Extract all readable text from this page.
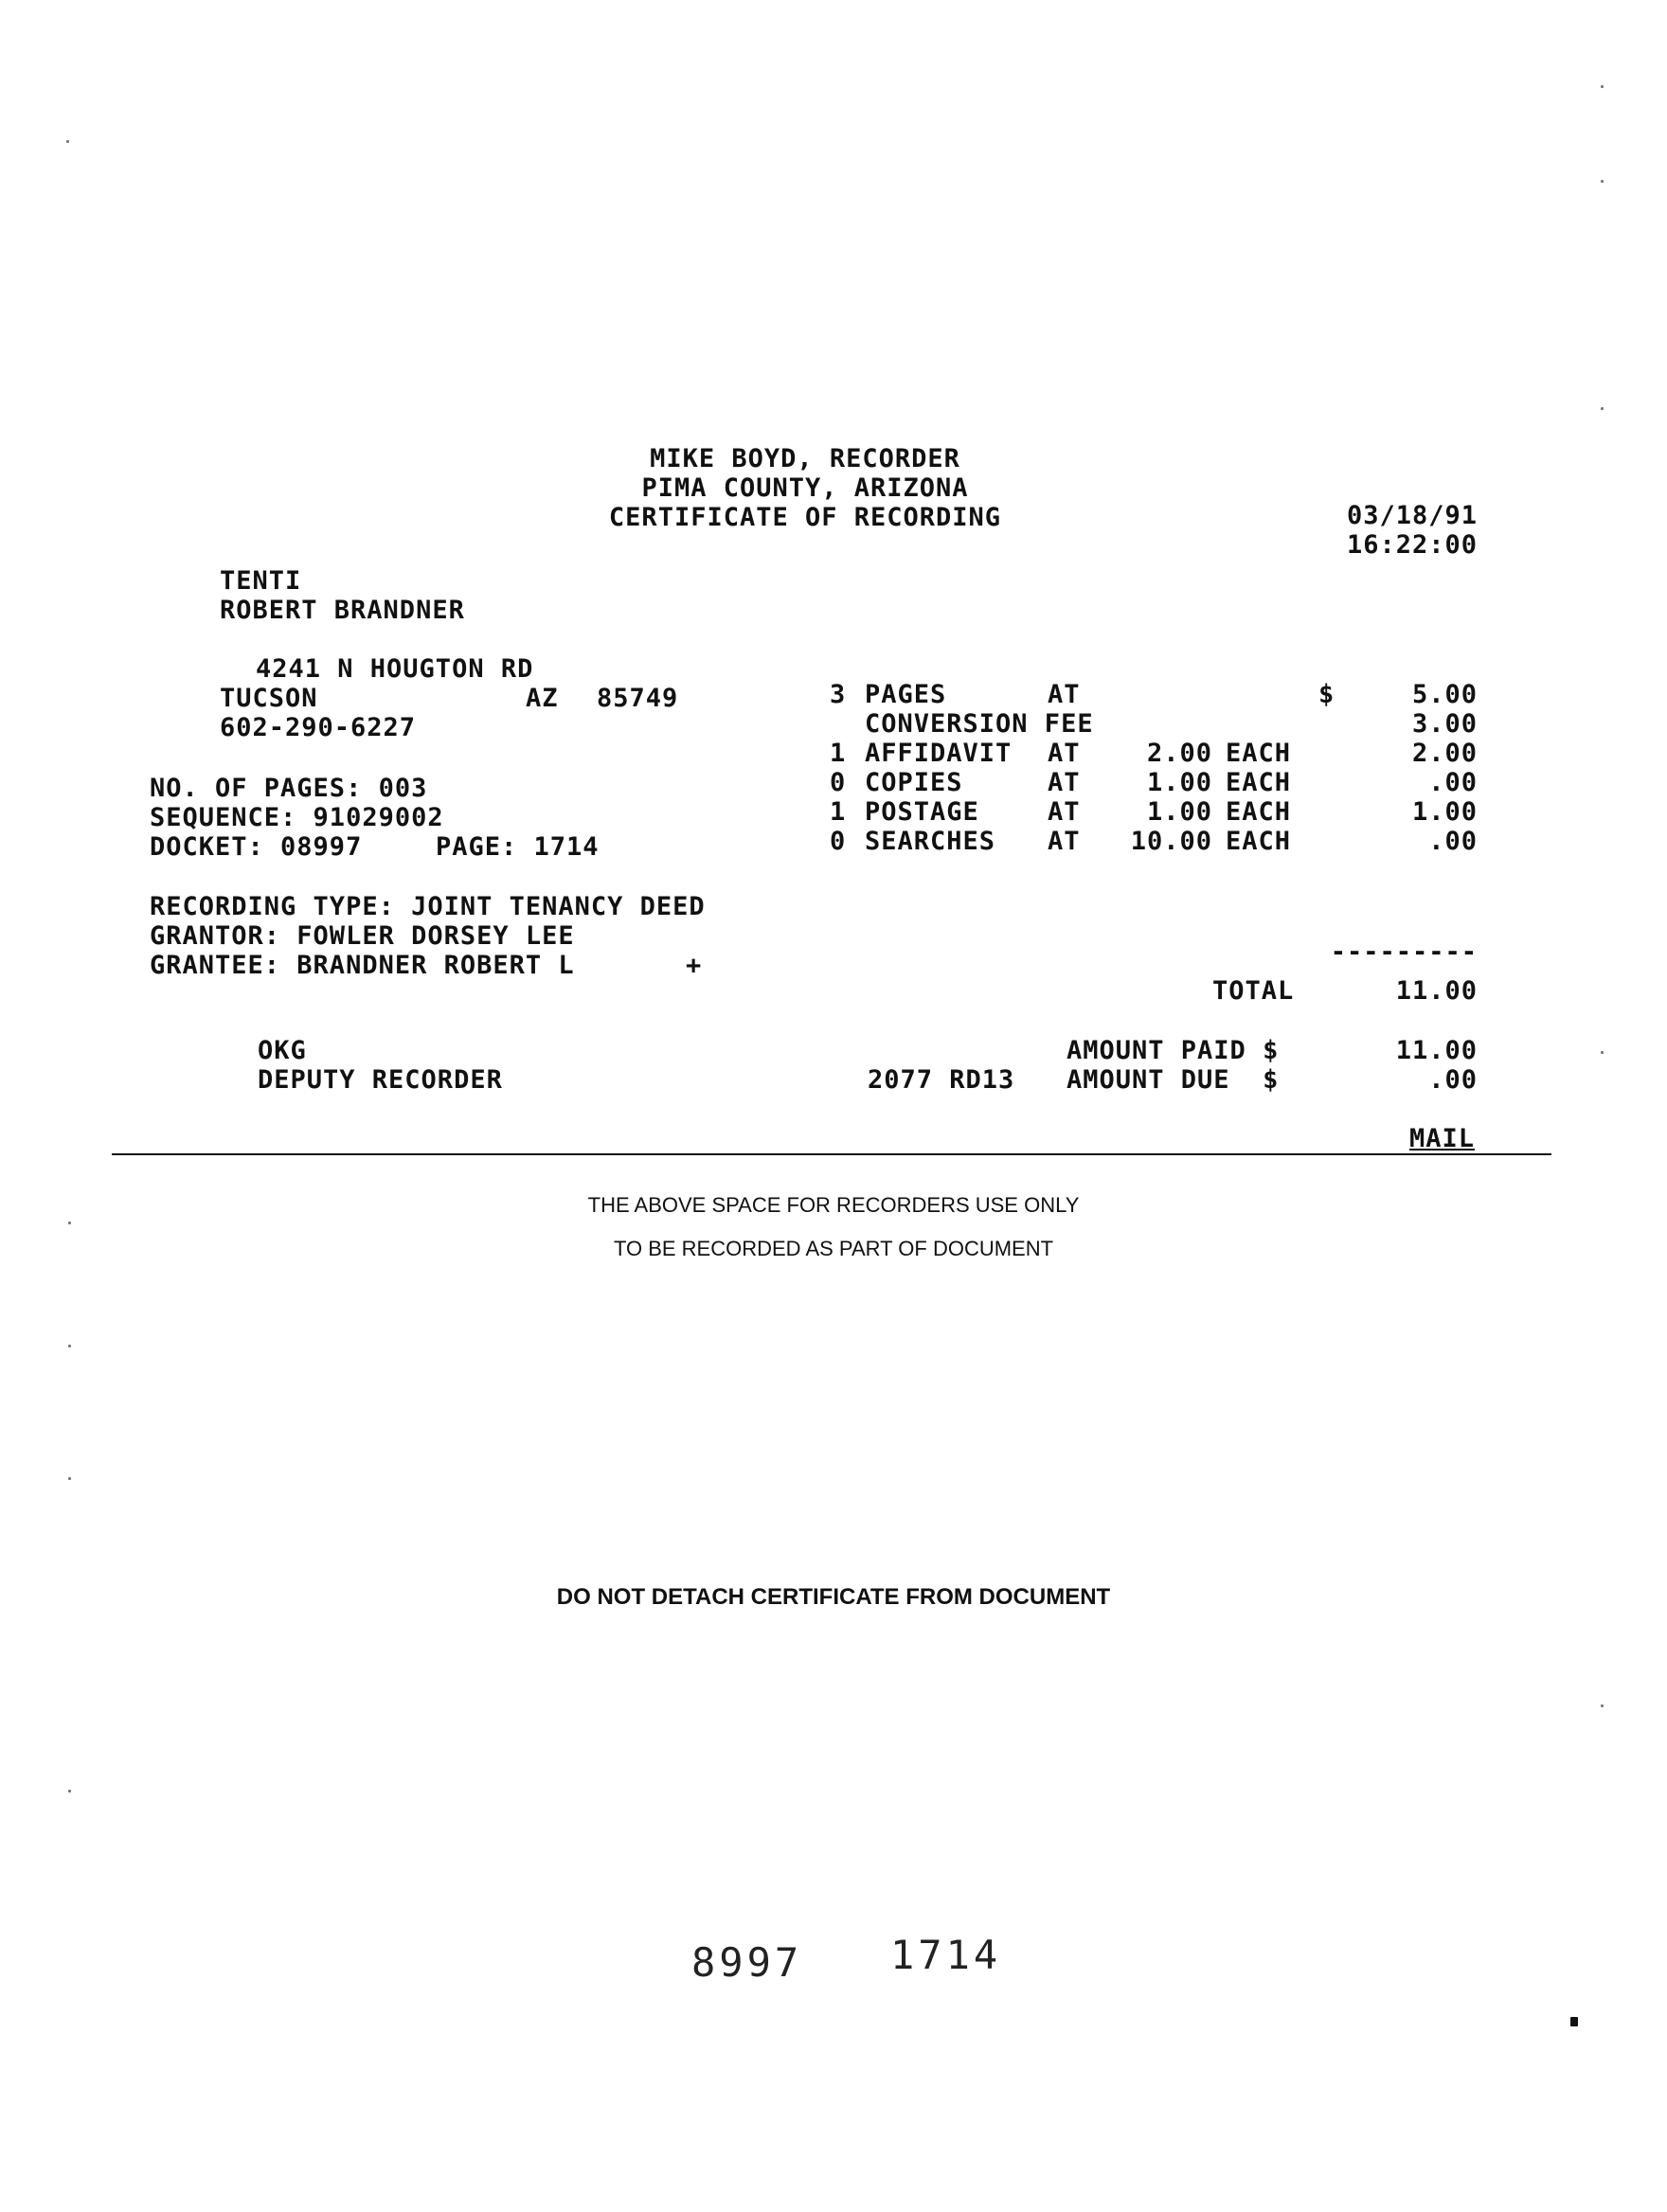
MIKE BOYD, RECORDER
PIMA COUNTY, ARIZONA
CERTIFICATE OF RECORDING	03/18/91
16:22:00
TENTI
ROBERT BRANDNER
4241 N HOUGTON RD
TUCSON	AZ 85749
602-290-6227
NO. OF PAGES: 003
SEQUENCE: 91029002
DOCKET: 08997	PAGE: 1714
RECORDING TYPE: JOINT TENANCY DEED
GRANTOR: FOWLER DORSEY LEE
GRANTEE: BRANDNER ROBERT L	+
3 PAGES	AT	$	5.00
CONVERSION FEE	3.00
1 AFFIDAVIT	AT	2.00 EACH	2.00
0 COPIES	AT	1.00 EACH	.00
1 POSTAGE	AT	1.00 EACH	1.00
0 SEARCHES	AT	10.00 EACH	.00
---------
TOTAL	11.00
OKG
DEPUTY RECORDER	2077 RD13
AMOUNT PAID $	11.00
AMOUNT DUE  $	.00
MAIL
THE ABOVE SPACE FOR RECORDERS USE ONLY
TO BE RECORDED AS PART OF DOCUMENT
DO NOT DETACH CERTIFICATE FROM DOCUMENT
8997 1714
